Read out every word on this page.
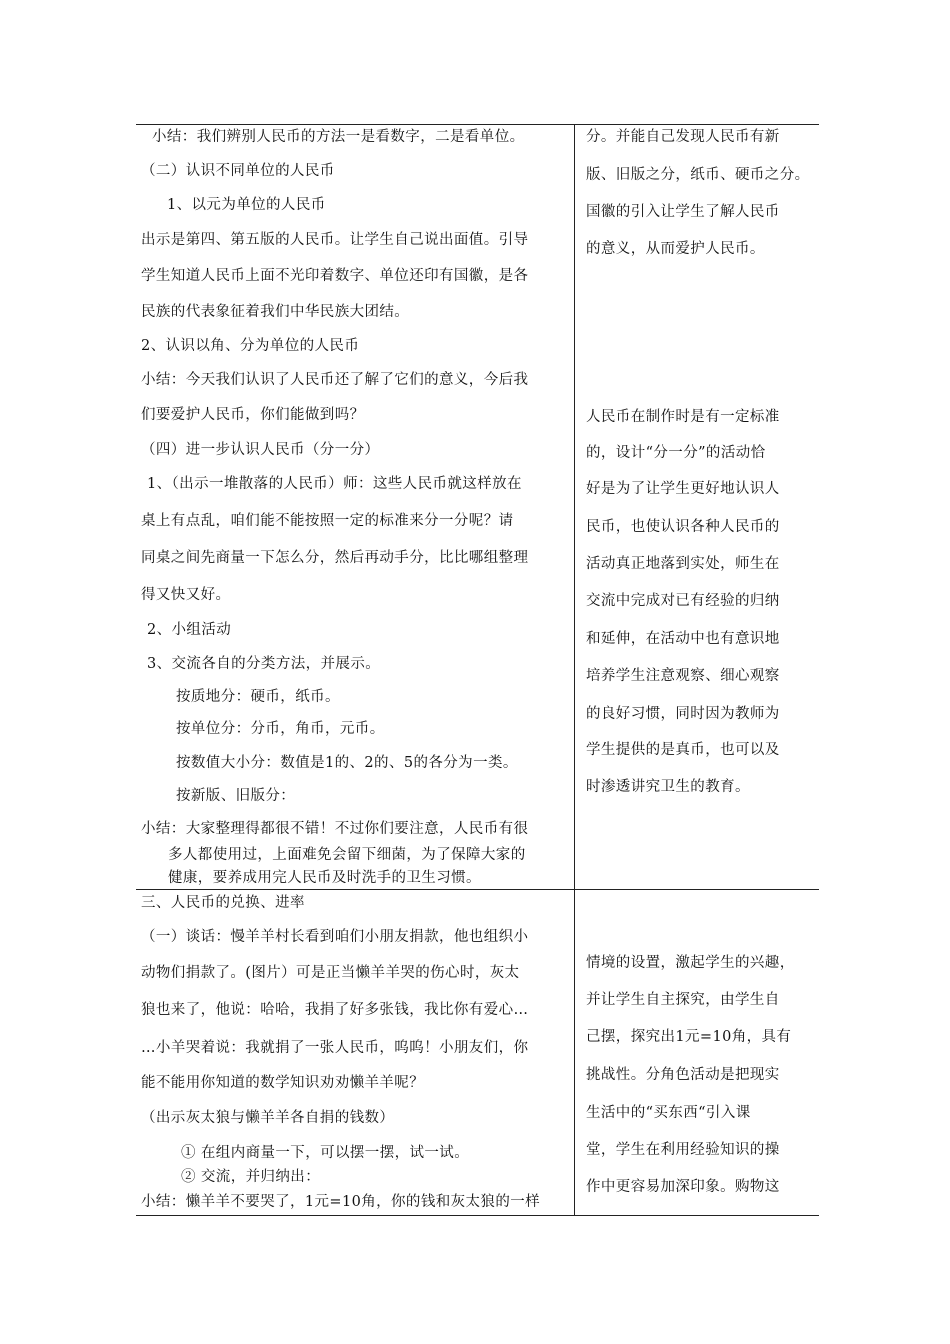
小结：我们辨别人民币的方法一是看数字，二是看单位。
（二）认识不同单位的人民币
1、以元为单位的人民币
出示是第四、第五版的人民币。让学生自己说出面值。引导
学生知道人民币上面不光印着数字、单位还印有国徽，是各
民族的代表象征着我们中华民族大团结。
2、认识以角、分为单位的人民币
小结：今天我们认识了人民币还了解了它们的意义，今后我
们要爱护人民币，你们能做到吗？
（四）进一步认识人民币（分一分）
1、（出示一堆散落的人民币）师：这些人民币就这样放在
桌上有点乱，咱们能不能按照一定的标准来分一分呢？请
同桌之间先商量一下怎么分，然后再动手分，比比哪组整理
得又快又好。
2、小组活动
3、交流各自的分类方法，并展示。
按质地分：硬币，纸币。
按单位分：分币，角币，元币。
按数值大小分：数值是1的、2的、5的各分为一类。
按新版、旧版分：
小结：大家整理得都很不错！不过你们要注意，人民币有很
多人都使用过，上面难免会留下细菌，为了保障大家的
健康，要养成用完人民币及时洗手的卫生习惯。
分。并能自己发现人民币有新
版、旧版之分，纸币、硬币之分。
国徽的引入让学生了解人民币
的意义，从而爱护人民币。
人民币在制作时是有一定标准
的，设计“分一分”的活动恰
好是为了让学生更好地认识人
民币，也使认识各种人民币的
活动真正地落到实处，师生在
交流中完成对已有经验的归纳
和延伸，在活动中也有意识地
培养学生注意观察、细心观察
的良好习惯，同时因为教师为
学生提供的是真币，也可以及
时渗透讲究卫生的教育。
三、人民币的兑换、进率
（一）谈话：慢羊羊村长看到咱们小朋友捐款，他也组织小
动物们捐款了。(图片）可是正当懒羊羊哭的伤心时，灰太
狼也来了，他说：哈哈，我捐了好多张钱，我比你有爱心…
…小羊哭着说：我就捐了一张人民币，呜呜！小朋友们，你
能不能用你知道的数学知识劝劝懒羊羊呢？
（出示灰太狼与懒羊羊各自捐的钱数）
① 在组内商量一下，可以摆一摆，试一试。
② 交流，并归纳出：
小结：懒羊羊不要哭了，1元=10角，你的钱和灰太狼的一样
情境的设置，激起学生的兴趣，
并让学生自主探究，由学生自
己摆，探究出1元=10角，具有
挑战性。分角色活动是把现实
生活中的“买东西“引入课
堂，学生在利用经验知识的操
作中更容易加深印象。购物这
